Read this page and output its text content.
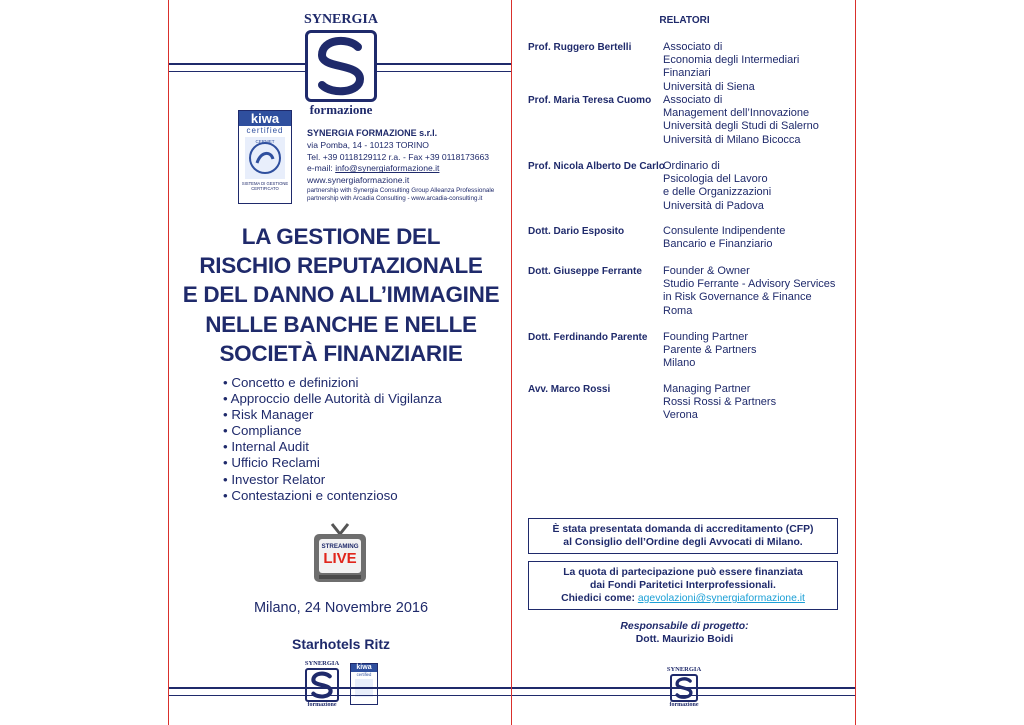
SYNERGIA
formazione
kiwa
certified
CERMET
SISTEMA DI GESTIONE CERTIFICATO
SYNERGIA FORMAZIONE s.r.l.
via Pomba, 14 - 10123 TORINO
Tel. +39 0118129112 r.a. - Fax +39 0118173663
e-mail: info@synergiaformazione.it
www.synergiaformazione.it
partnership with Synergia Consulting Group Alleanza Professionale
partnership with Arcadia Consulting - www.arcadia-consulting.it
LA GESTIONE DEL
RISCHIO REPUTAZIONALE
E DEL DANNO ALL’IMMAGINE
NELLE BANCHE E NELLE
SOCIETÀ FINANZIARIE
• Concetto e definizioni
• Approccio delle Autorità di Vigilanza
• Risk Manager
• Compliance
• Internal Audit
• Ufficio Reclami
• Investor Relator
• Contestazioni e contenzioso
STREAMING
LIVE
Milano, 24 Novembre 2016
Starhotels Ritz
SYNERGIA
formazione
kiwa
certified
RELATORI
Prof. Ruggero Bertelli	Associato di
Economia degli Intermediari Finanziari
Università di Siena
Prof. Maria Teresa Cuomo Associato di
Management dell’Innovazione
Università degli Studi di Salerno
Università di Milano Bicocca
Prof. Nicola Alberto De Carlo
Ordinario di
Psicologia del Lavoro
e delle Organizzazioni
Università di Padova
Dott. Dario Esposito	Consulente Indipendente
Bancario e Finanziario
Dott. Giuseppe Ferrante Founder & Owner
Studio Ferrante - Advisory Services
in Risk Governance & Finance
Roma
Dott. Ferdinando Parente Founding Partner
Parente & Partners
Milano
Avv. Marco Rossi	Managing Partner
Rossi Rossi & Partners
Verona
È stata presentata domanda di accreditamento (CFP)
al Consiglio dell’Ordine degli Avvocati di Milano.
La quota di partecipazione può essere finanziata
dai Fondi Paritetici Interprofessionali.
Chiedici come: agevolazioni@synergiaformazione.it
Responsabile di progetto:
Dott. Maurizio Boidi
SYNERGIA
formazione
